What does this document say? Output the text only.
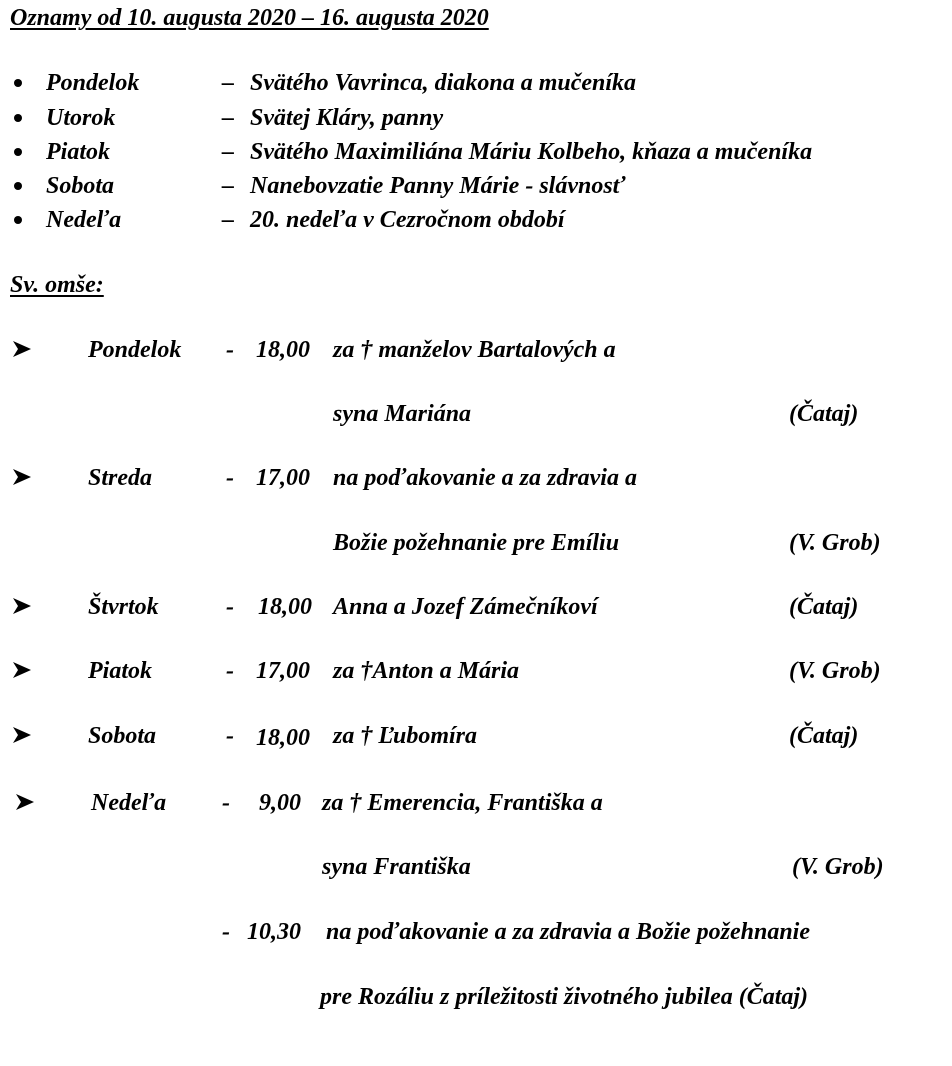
Oznamy od 10. augusta 2020 – 16. augusta 2020
Pondelok	– Svätého Vavrinca, diakona a mučeníka
Utorok	– Svätej Kláry, panny
Piatok	– Svätého Maximiliána Máriu Kolbeho, kňaza a mučeníka
Sobota	– Nanebovzatie Panny Márie - slávnosť
Nedeľa	– 20. nedeľa v Cezročnom období
Sv. omše:
Pondelok - 18,00 za † manželov Bartalových a
syna Mariána	(Čataj)
Streda	- 17,00 na poďakovanie a za zdravia a
Božie požehnanie pre Emíliu	(V. Grob)
Štvrtok	- 18,00 Anna a Jozef Zámečníkoví	(Čataj)
Piatok	- 17,00 za †Anton a Mária	(V. Grob)
Sobota	- 18,00 za † Ľubomíra	(Čataj)
Nedeľa - 9,00 za † Emerencia, Františka a
syna Františka	(V. Grob)
- 10,30 na poďakovanie a za zdravia a Božie požehnanie
pre Rozáliu z príležitosti životného jubilea (Čataj)
